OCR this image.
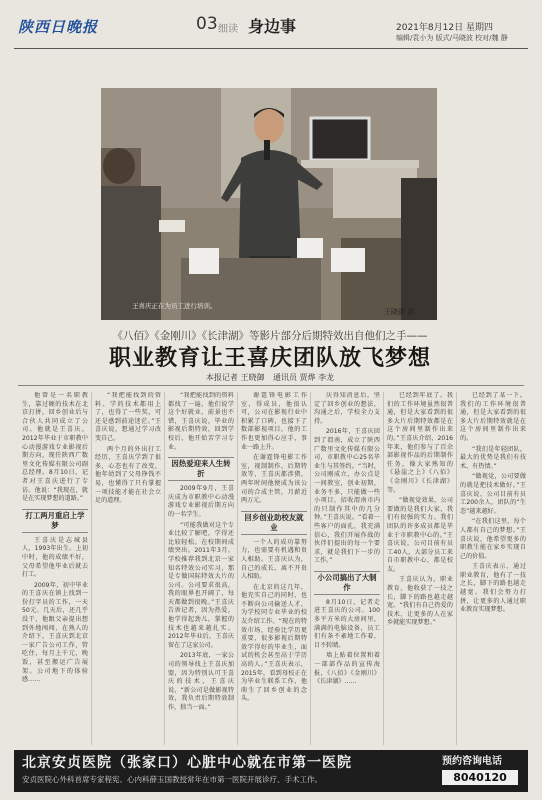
陕西日晚报	03 细读 身边事	2021年8月12日 星期四
编辑/袁小为 版式/马晓波 校对/魏 静
王喜庆正在为员工进行培训。
王晓御 摄
《八佰》《金刚川》《长津湖》等影片部分后期特效出自他们之手——
职业教育让王喜庆团队放飞梦想
本报记者 王晓御 通讯员 贾烨 李龙

他曾是一名职教生，靠过硬的技术在北京打拼，回乡创业后与合伙人共同成立了公司。他就是王喜庆，2012年毕业于市职教中心动漫游戏专业影视后期方向，现任陕西广数里文化传媒有限公司副总经理。8月10日，记者对王喜庆进行了专访。他说：“我现在，就是在实现梦想的道路。”

打工两月重启上学梦

王喜庆是志城县人，1993年出生。上初中时，他的成绩不好，父母希望他毕业后就去打工。

2009年，初中毕业的王喜庆在镇上找到一份打字员的工作，一天50元。几天后，还几乎没干，他跟父亲提出想到外地闯闯，在熟人的介绍下，王喜庆到北京一家广告公司工作，管吃住，每月上千元，晚饭，甚至搬运广告展架。公司地下的体验感……

“我把能找到的资料、学的技术都用上了，也得了一些奖，可还是感到前途迷茫。”王喜庆说，想通过学习改变自己。

两个月的外出打工经历，王喜庆学到了很多，心态也有了改变，他年幼到了父母挣钱不易，也懂得了只有掌握一项技能才能在社会立足的道理。

“我把能找到的资料都找了一遍，他们说学这个好就业，前景也不错，王喜庆说，毕业的影视后期特效，回到学校后，他开始苦学习专业。

因热爱迎来人生转折

2009年9月，王喜庆成为市职教中心动漫游戏专业影视后期方向的一名学生。

“可能我做对这个专业比较了解吧，学得还比较轻松。在校期间成绩突出。2011年3月，学校推荐我到北京一家知名特效公司实习，那是专做国际特效大片的公司。公司要求很高，我的眼界也开阔了，每天都做到很晚。”王喜庆告诉记者，因为热爱，他学得起劲儿，掌握的技术也越来越扎实。2012年毕业后，王喜庆留在了这家公司。

2013年底，一家公司的领导找上王喜庆加盟，因为特别认可王喜庆的技术，王喜庆说，“新公司是做影视特效，我负责后期特效制作，独当一面。”

谢霆锋电影工作室，得成员，他很认可，公司在影视行业中积累了口碑，也接下了数部影视项目，他的工作也更加得心应手，事业一路上升。

在谢霆锋电影工作室，视制制作、后期特效等，王喜庆都涉猎，两年时间他便成为该公司的合成主管，月薪近两万元。

回乡创业助校友就业

一个人的成功靠努力，也需要有机遇和贵人相助。王喜庆认为，自己的成长，离不开贵人相助。

在北京的这几年，他充实自己的同时，也不断向公司输送人才，为学校同专业毕业的校友介绍工作。“现在的特效市场，经验比学历更重要，很多影视后期特效学得好的毕业生，面试的机会甚至高于学历高的人。”王喜庆表示，2015年，看到母校正在为毕业生联系工作，他萌生了回乡创业的念头。

庆得知消息后，坚定了回乡创业的想法，沟通之后，学校全力支持。

2016年，王喜庆回到了渭南，成立了陕西广数里文化传媒有限公司，市职教中心25名毕业生与其签约。“当时，公司刚成立，办公点是一间教室，创业初期，业务不多，只能做一些小项目，招收渭南市内的只制作其中的几分钟。”王喜庆说。“看着一些客户的面孔，我充满信心，我们开展作战的伙伴们提出的每一个要求，就是我们下一步的工作。”

小公司搞出了大制作

8月10日，记者走进王喜庆的公司。100多平方米的大房间里，满满的电脑设备，员工们有条不紊地工作着，目不转睛。

墙上贴着位置和着一部部作品的宣传海报，《八佰》《金刚川》《长津湖》……

已经到年底了。我们的工作环境虽然很普通，但是大家看到的很多大片后期特效都是在这个房间里制作出来的。”王喜庆介绍，2016年来，他们参与了百余部影视作品的后期制作任务，像大家熟知的《悬崖之上》《八佰》《金刚川》《长津湖》等。

“做视觉效果，公司要做的是我们大家，我们有很强的实力。我们团队的许多成员都是毕业于市职教中心的。”王喜庆说，公司目前有员工40人，大部分员工来自市职教中心，都是校友。

王喜庆认为，职业教育，他收获了一技之长，脚下的路也越走越宽。“我们有自己热爱的技术，让更多的人在家乡就能实现梦想。”

已经到了某一下。我们的工作环境很普通，但是大家看到的很多大片后期特效就是在这个房间里制作出来的。

“我们是年轻团队，最大的优势是我们有技术、有热情。”

“做视觉，公司要做的就是把技术做好。”王喜庆说，公司目前有员工200余人，团队的“生态”越来越好。

“在我们这里，每个人都有自己的梦想。”王喜庆说，他希望更多的职教生能在家乡实现自己的价值。

王喜庆表示，通过职业教育，他有了一技之长，脚下的路也越走越宽。我们会努力打拼，让更多的人通过职业教育实现梦想。

北京安贞医院（张家口）心脏中心就在市第一医院
安贞医院心外科首席专家程宪、心内科薛玉国教授常年在市第一医院开展诊疗、手术工作。
预约咨询电话
8040120
